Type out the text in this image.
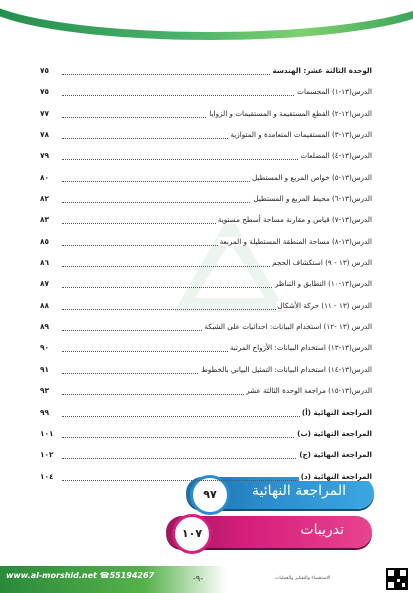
الوحدة الثالثة عشر: الهندسة
٧٥
الدرس(١٣-١) المجسمات
٧٥
الدرس(١٢-٢) القطع المستقيمة و المستقيمات و الزوايا
٧٧
الدرس(١٣-٣) المستقيمات المتعامدة و المتوازية
٧٨
الدرس(١٣-٤) المضلعات
٧٩
الدرس(١٣-٥) خواص المربع و المستطيل
٨٠
الدرس(١٣-٦) محيط المربع و المستطيل
٨٢
الدرس(١٣-٧) قياس و مقارنة مساحة أسطح مستوية
٨٣
الدرس(١٣-٨) مساحة المنطقة المستطيلة و المربعة
٨٥
الدرس (١٣ - ٩) استكشاف الحجم
٨٦
الدرس(١٣-١٠) التطابق و التناظر
٨٧
الدرس (١٣ - ١١) حركة الأشكال
٨٨
الدرس (١٣ -١٢) استخدام البيانات: احداثيات على الشبكة
٨٩
الدرس(١٣-١٣) استخدام البيانات: الأزواج المرتبة
٩٠
الدرس(١٣-١٤) استخدام البيانات: التمثيل البياني بالخطوط
٩١
الدرس(١٣-١٥) مراجعة الوحدة الثالثة عشر
٩٣
المراجعة النهائية (أ)
٩٩
المراجعة النهائية (ب)
١٠١
المراجعة النهائية (ج)
١٠٢
المراجعة النهائية (د)
١٠٤
المراجعة النهائية
٩٧
تدريبات
١٠٧
www.al-morshid.net ☎55194267	-٩-	الاستقصاء والتفكير والعمليات
